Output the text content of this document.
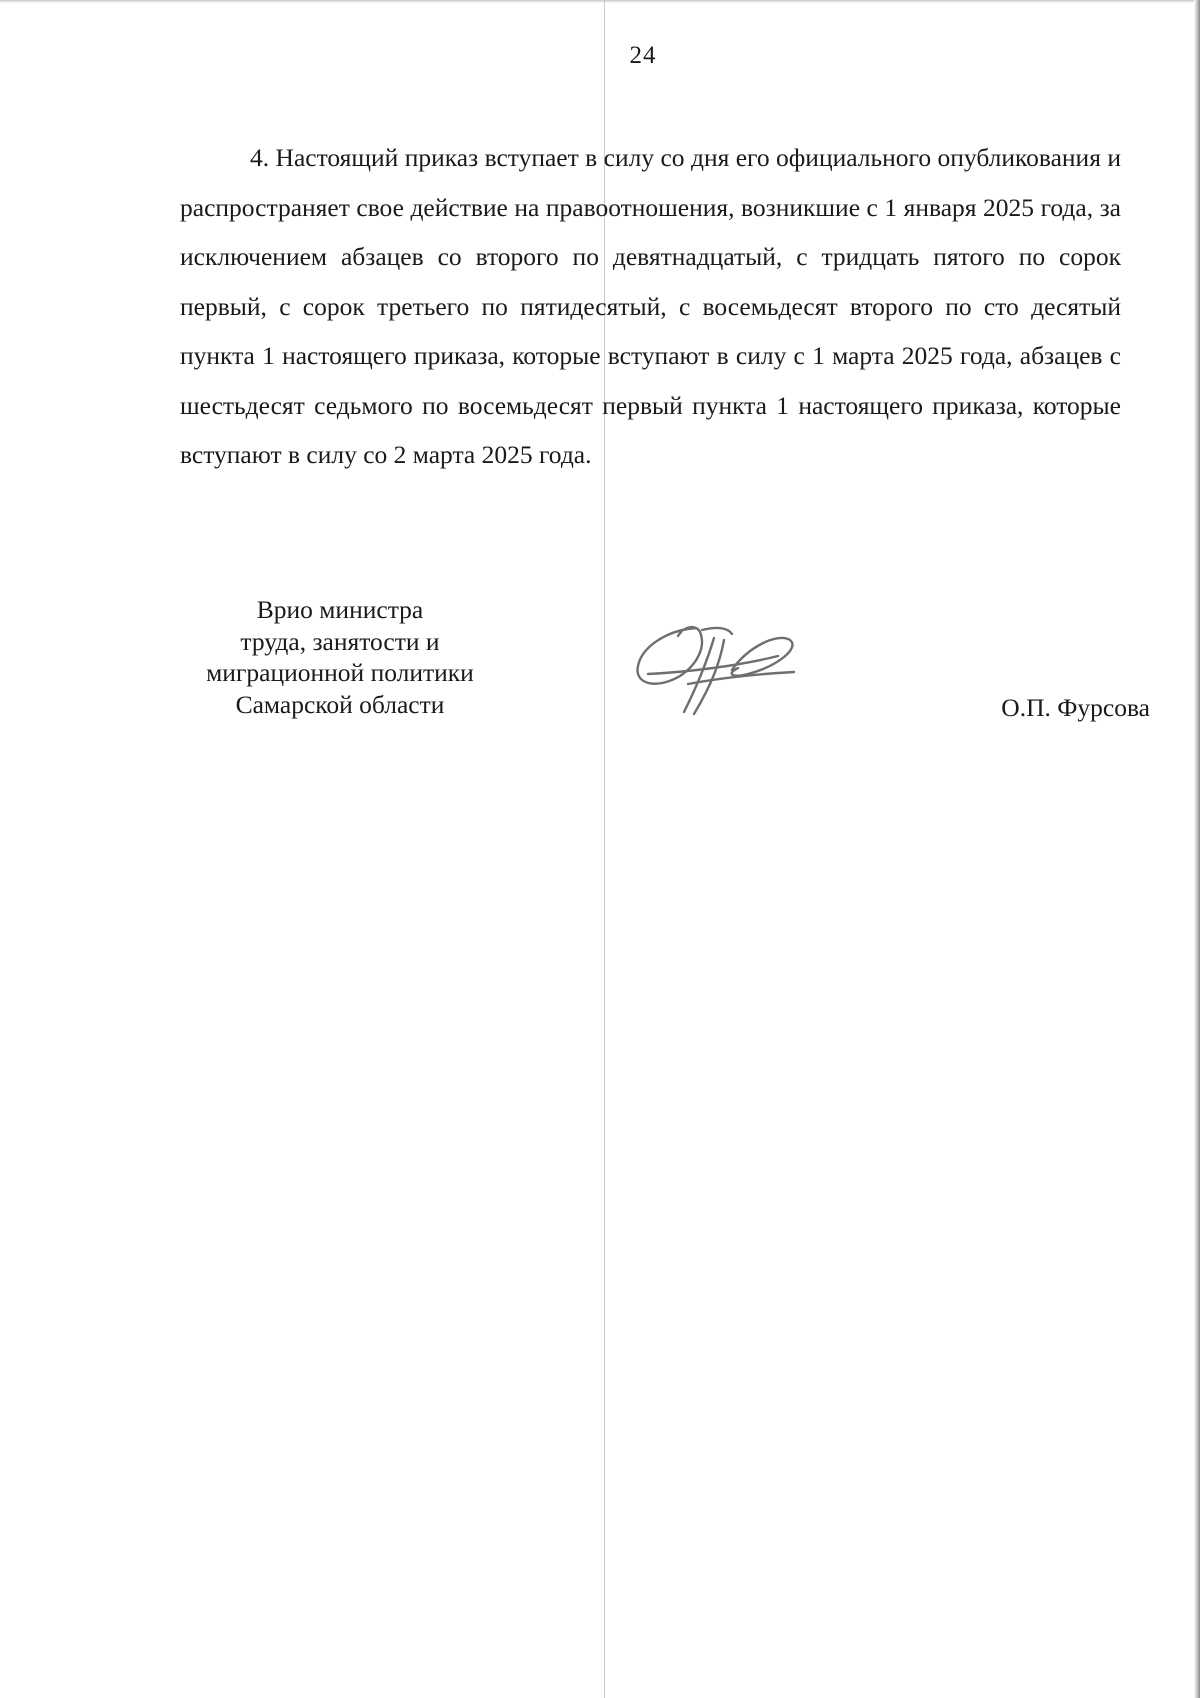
24

4. Настоящий приказ вступает в силу со дня его официального опубликования и распространяет свое действие на правоотношения, возникшие с 1 января 2025 года, за исключением абзацев со второго по девятнадцатый, с тридцать пятого по сорок первый, с сорок третьего по пятидесятый, с восемьдесят второго по сто десятый пункта 1 настоящего приказа, которые вступают в силу с 1 марта 2025 года, абзацев с шестьдесят седьмого по восемьдесят первый пункта 1 настоящего приказа, которые вступают в силу со 2 марта 2025 года.

Врио министра
труда, занятости и
миграционной политики
Самарской области	О.П. Фурсова
